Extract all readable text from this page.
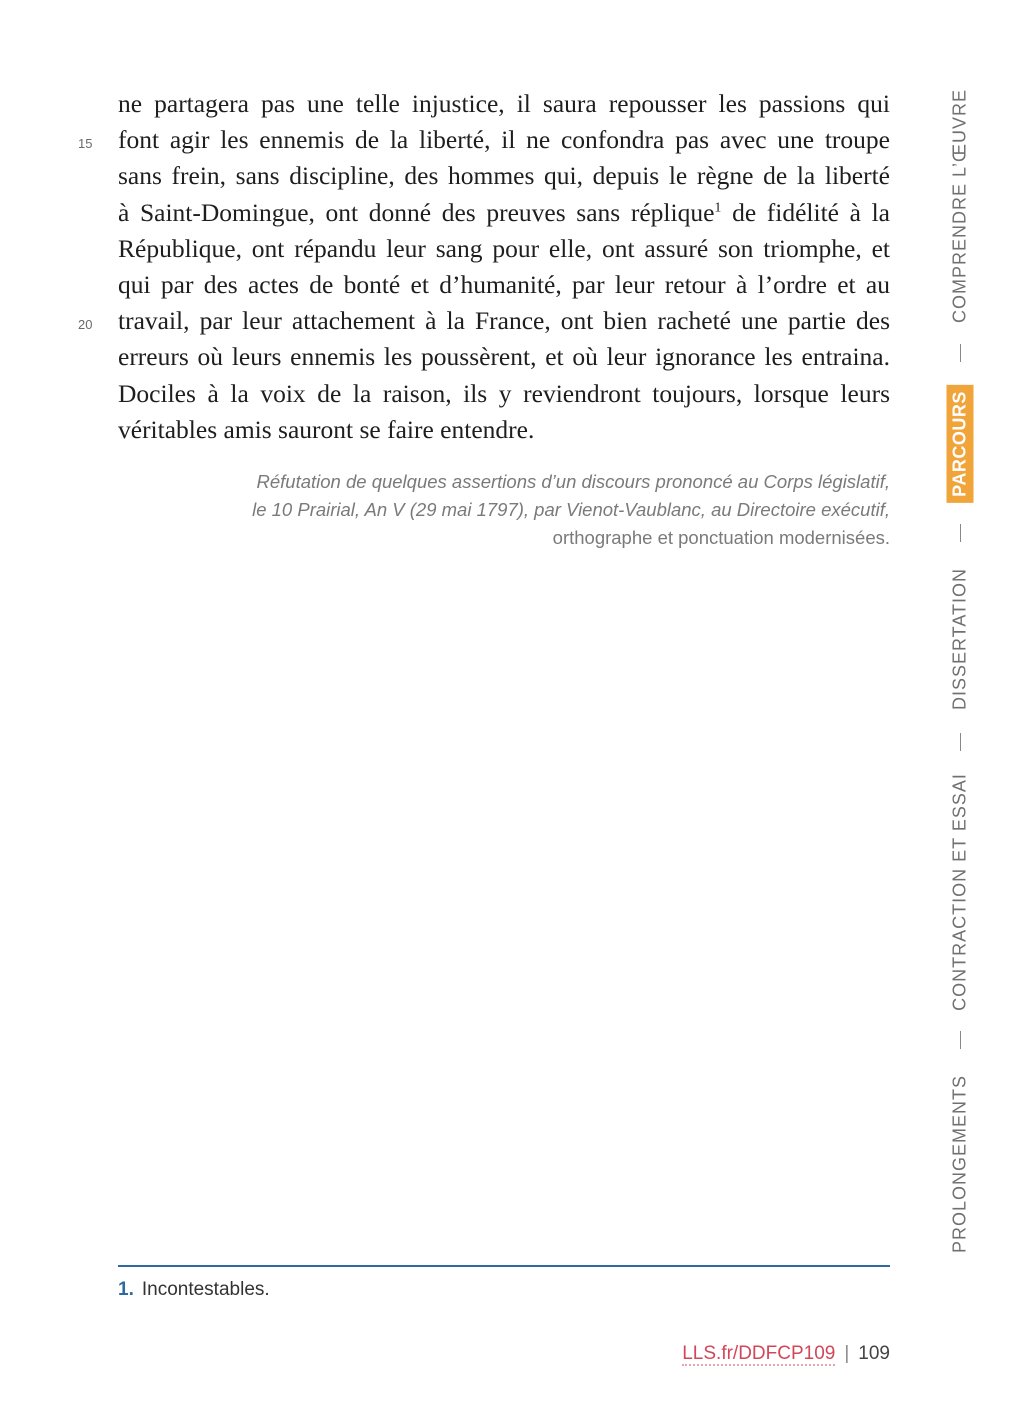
ne partagera pas une telle injustice, il saura repousser les passions qui
font agir les ennemis de la liberté, il ne confondra pas avec une troupe
sans frein, sans discipline, des hommes qui, depuis le règne de la liberté
à Saint-Domingue, ont donné des preuves sans réplique$^1$ de fidélité à la
République, ont répandu leur sang pour elle, ont assuré son triomphe, et
qui par des actes de bonté et d’humanité, par leur retour à l’ordre et au
travail, par leur attachement à la France, ont bien racheté une partie des
erreurs où leurs ennemis les poussèrent, et où leur ignorance les entraina.
Dociles à la voix de la raison, ils y reviendront toujours, lorsque leurs
véritables amis sauront se faire entendre.
15
20
Réfutation de quelques assertions d’un discours prononcé au Corps législatif,
le 10 Prairial, An V (29 mai 1797), par Vienot-Vaublanc, au Directoire exécutif,
orthographe et ponctuation modernisées.
1. Incontestables.
LLS.fr/DDFCP109 | 109
COMPRENDRE L’ŒUVRE
PARCOURS
DISSERTATION
CONTRACTION ET ESSAI
PROLONGEMENTS
